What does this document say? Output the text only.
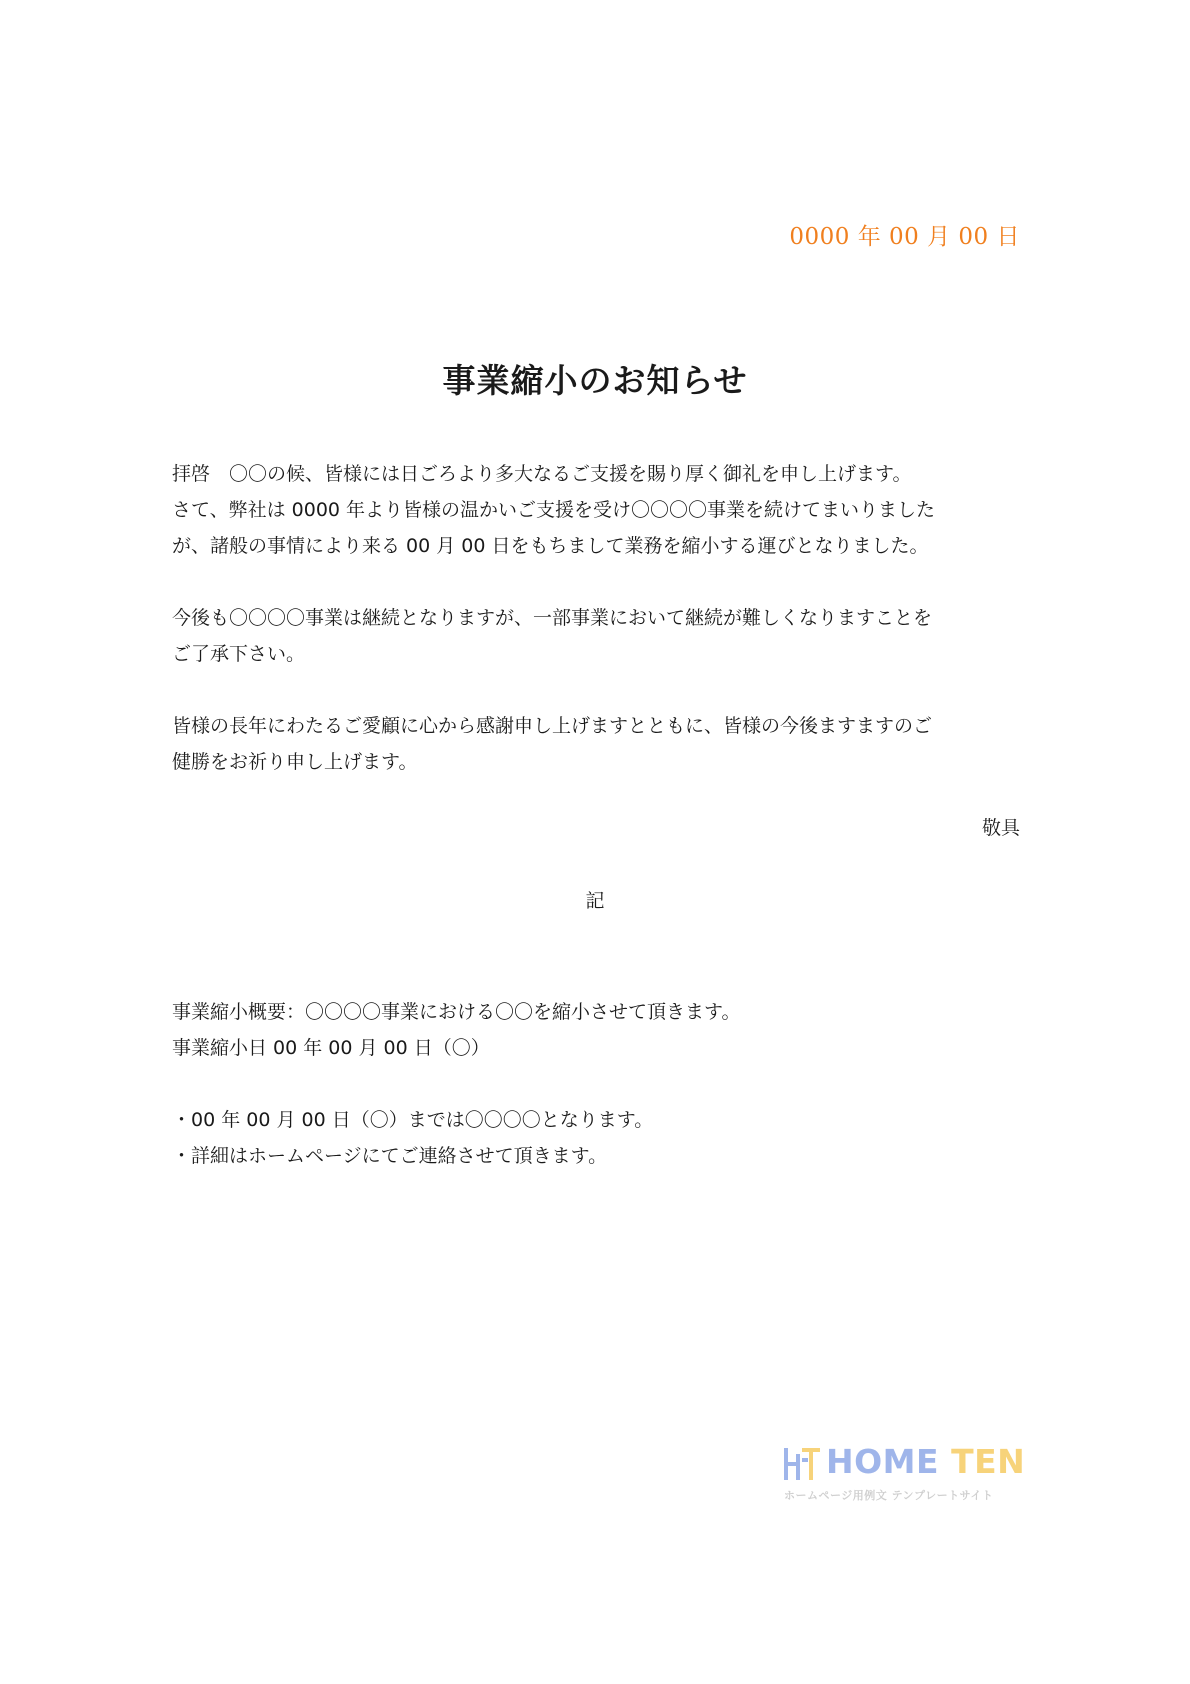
0000 年 00 月 00 日
事業縮小のお知らせ

拝啓　〇〇の候、皆様には日ごろより多大なるご支援を賜り厚く御礼を申し上げます。

さて、弊社は 0000 年より皆様の温かいご支援を受け〇〇〇〇事業を続けてまいりました

が、諸般の事情により来る 00 月 00 日をもちまして業務を縮小する運びとなりました。

今後も〇〇〇〇事業は継続となりますが、一部事業において継続が難しくなりますことを

ご了承下さい。

皆様の長年にわたるご愛顧に心から感謝申し上げますとともに、皆様の今後ますますのご

健勝をお祈り申し上げます。

敬具
記

事業縮小概要：〇〇〇〇事業における〇〇を縮小させて頂きます。

事業縮小日 00 年 00 月 00 日（〇）

・00 年 00 月 00 日（〇）までは〇〇〇〇となります。

・詳細はホームページにてご連絡させて頂きます。

HOME TEN
ホームページ用例文 テンプレートサイト
